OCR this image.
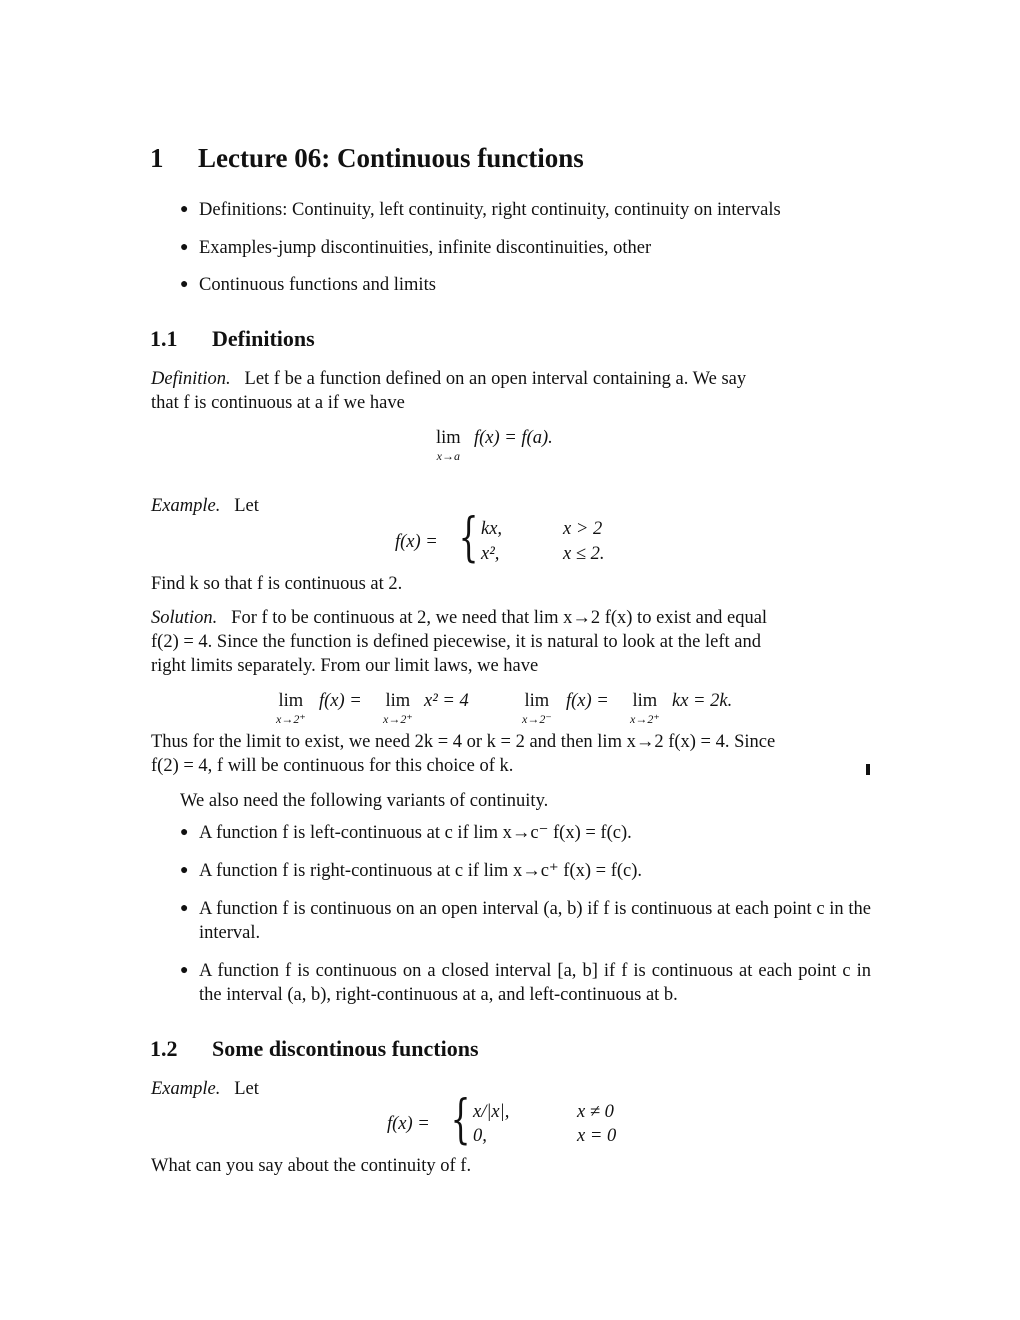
1 Lecture 06: Continuous functions
● Definitions: Continuity, left continuity, right continuity, continuity on intervals
● Examples-jump discontinuities, infinite discontinuities, other
● Continuous functions and limits
1.1 Definitions
Definition. Let f be a function defined on an open interval containing a. We say
that f is continuous at a if we have
lim
x→a
f(x) = f(a).
Example. Let
f(x) = { kx,	x > 2
x²,	x ≤ 2.
Find k so that f is continuous at 2.
Solution. For f to be continuous at 2, we need that lim x→2 f(x) to exist and equal
f(2) = 4. Since the function is defined piecewise, it is natural to look at the left and
right limits separately. From our limit laws, we have
lim
x→2⁺
f(x) = lim
x→2⁺
x² = 4	lim
x→2⁻
f(x) = lim
x→2⁺
kx = 2k.
Thus for the limit to exist, we need 2k = 4 or k = 2 and then lim x→2 f(x) = 4. Since
f(2) = 4, f will be continuous for this choice of k.
We also need the following variants of continuity.
● A function f is left-continuous at c if lim x→c⁻ f(x) = f(c).
● A function f is right-continuous at c if lim x→c⁺ f(x) = f(c).
● A function f is continuous on an open interval (a, b) if f is continuous at each point c in the interval.
● A function f is continuous on a closed interval [a, b] if f is continuous at each point c in the interval (a, b), right-continuous at a, and left-continuous at b.
1.2 Some discontinous functions
Example. Let
f(x) = { x/|x|,	x ≠ 0
0,	x = 0
What can you say about the continuity of f.
